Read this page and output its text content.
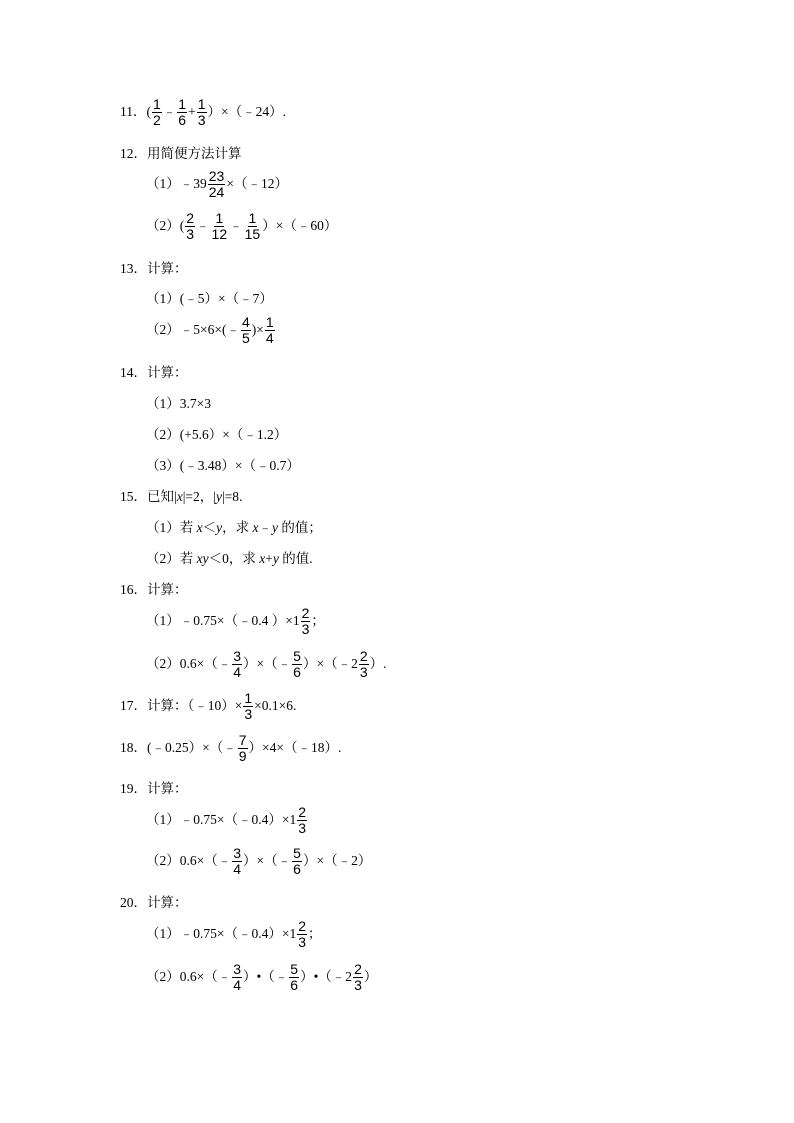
11．( $\frac{1}{2}$ ﹣ $\frac{1}{6} + \frac{1}{3}$ ）×（﹣24）.
12．用简便方法计算
（1）﹣39 $\frac{23}{24}$ ×（﹣12）
$(2)( \frac{2}{3}$ ﹣ $\frac{1}{12}$ ﹣ $\frac{1}{15}$ ）×（﹣60）
13．计算：
（1）(﹣5）×（﹣7）
（2）﹣5×6×(﹣ $\frac{4}{5}$ )× $\frac{1}{4}$
14．计算：
（1）3.7×3
（2）(+5.6）×（﹣1.2）
（3）(﹣3.48）×（﹣0.7）
15．已知| x |=2，| y |=8.
（1）若 x ＜ y ，求 x ﹣ y 的值；
（2）若 xy ＜0，求 x + y 的值.
16．计算：
（1）﹣0.75×（﹣0.4 ）$\times 1 \frac{2}{3}$ ；
（2）0.6×（﹣ $\frac{3}{4}$ ）×（﹣ $\frac{5}{6}$ ）×（﹣2 $\frac{2}{3}$ ）.
17．计算：（﹣10）× $\frac{1}{3} \times 0.1\times 6$.
18．(﹣0.25）×（﹣ $\frac{7}{9}$ ）×4×（﹣18）.
19．计算：
（1）﹣0.75×（﹣0.4）×1 $\frac{2}{3}$
（2）0.6×（﹣ $\frac{3}{4}$ ）×（﹣ $\frac{5}{6}$ ）×（﹣2）
20．计算：
（1）﹣0.75×（﹣0.4）×1 $\frac{2}{3}$ ；
（2）0.6×（﹣ $\frac{3}{4}$ ）•（﹣ $\frac{5}{6}$ ）•（﹣2 $\frac{2}{3}$ ）
